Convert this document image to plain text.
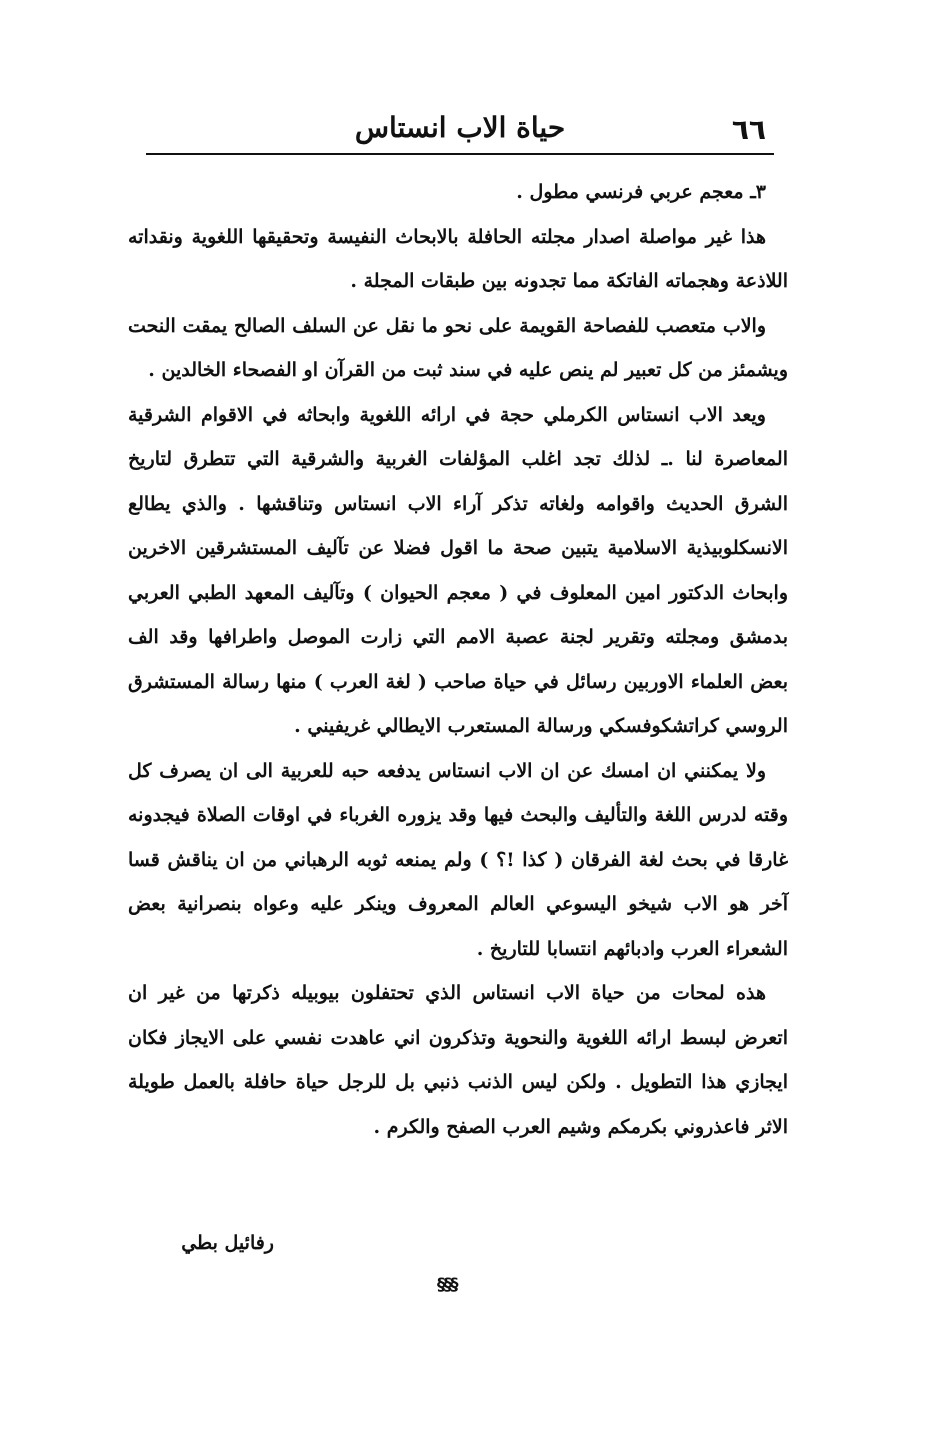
٦٦
حياة الاب انستاس

٣ـ معجم عربي فرنسي مطول .

هذا غير مواصلة اصدار مجلته الحافلة بالابحاث النفيسة وتحقيقها اللغوية ونقداته اللاذعة وهجماته الفاتكة مما تجدونه بين طبقات المجلة .

والاب متعصب للفصاحة القويمة على نحو ما نقل عن السلف الصالح يمقت النحت ويشمئز من كل تعبير لم ينص عليه في سند ثبت من القرآن او الفصحاء الخالدين .

ويعد الاب انستاس الكرملي حجة في ارائه اللغوية وابحاثه في الاقوام الشرقية المعاصرة لنا .ـ لذلك تجد اغلب المؤلفات الغربية والشرقية التي تتطرق لتاريخ الشرق الحديث واقوامه ولغاته تذكر آراء الاب انستاس وتناقشها . والذي يطالع الانسكلوبيذية الاسلامية يتبين صحة ما اقول فضلا عن تآليف المستشرقين الاخرين وابحاث الدكتور امين المعلوف في ( معجم الحيوان ) وتآليف المعهد الطبي العربي بدمشق ومجلته وتقرير لجنة عصبة الامم التي زارت الموصل واطرافها وقد الف بعض العلماء الاوربين رسائل في حياة صاحب ( لغة العرب ) منها رسالة المستشرق الروسي كراتشكوفسكي ورسالة المستعرب الايطالي غريفيني .

ولا يمكنني ان امسك عن ان الاب انستاس يدفعه حبه للعربية الى ان يصرف كل وقته لدرس اللغة والتأليف والبحث فيها وقد يزوره الغرباء في اوقات الصلاة فيجدونه غارقا في بحث لغة الفرقان ( كذا !؟ ) ولم يمنعه ثوبه الرهباني من ان يناقش قسا آخر هو الاب شيخو اليسوعي العالم المعروف وينكر عليه وعواه بنصرانية بعض الشعراء العرب وادبائهم انتسابا للتاريخ .

هذه لمحات من حياة الاب انستاس الذي تحتفلون بيوبيله ذكرتها من غير ان اتعرض لبسط ارائه اللغوية والنحوية وتذكرون اني عاهدت نفسي على الايجاز فكان ايجازي هذا التطويل . ولكن ليس الذنب ذنبي بل للرجل حياة حافلة بالعمل طويلة الاثر فاعذروني بكرمكم وشيم العرب الصفح والكرم .

رفائيل بطي
§§§
